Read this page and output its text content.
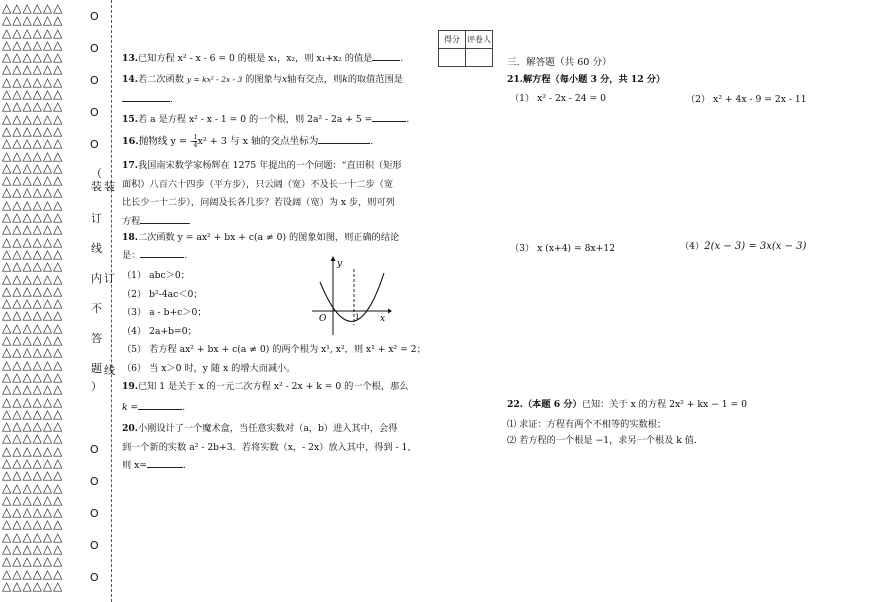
△△△△△△
△△△△△△
△△△△△△
△△△△△△
△△△△△△
△△△△△△
△△△△△△
△△△△△△
△△△△△△
△△△△△△
△△△△△△
△△△△△△
△△△△△△
△△△△△△
△△△△△△
△△△△△△
△△△△△△
△△△△△△
△△△△△△
△△△△△△
△△△△△△
△△△△△△
△△△△△△
△△△△△△
△△△△△△
△△△△△△
△△△△△△
△△△△△△
△△△△△△
△△△△△△
△△△△△△
△△△△△△
△△△△△△
△△△△△△
△△△△△△
△△△△△△
△△△△△△
△△△△△△
△△△△△△
△△△△△△
△△△△△△
△△△△△△
△△△△△△
△△△△△△
△△△△△△
△△△△△△
△△△△△△
△△△△△△
O
O
O
O
O
O
O
O
O
O
（
装
订
线
内
不
答
题
）
装
订
线
得分	评卷人

13.已知方程 x² - x - 6 = 0 的根是 x₁，x₂，则 x₁+x₂ 的值是	.
14.若二次函数 y = kx² - 2x - 3 的图象与x轴有交点，则k的取值范围是
.
15.若 a 是方程 x² - x - 1 = 0 的一个根，则 2a² - 2a + 5 =	.
16.抛物线 y = - $\frac{1}{4} x^2 + 3$ 与 x 轴的交点坐标为	.
17.我国南宋数学家杨辉在 1275 年提出的一个问题：“直田积（矩形
面积）八百六十四步（平方步），只云阔（宽）不及长一十二步（宽
比长少一十二步），问阔及长各几步？若设阔（宽）为 x 步，则可列
方程
18.二次函数 y = ax² + bx + c(a ≠ 0) 的图象如图，则正确的结论
是：	.
（1） abc＞0；
（2） b²-4ac＜0；
（3） a - b+c＞0；
（4） 2a+b=0；
（5） 若方程 ax² + bx + c(a ≠ 0) 的两个根为 x¹, x²，则 x¹ + x² = 2；
（6） 当 x＞0 时，y 随 x 的增大而减小。
y
x
O	1
19.已知 1 是关于 x 的一元二次方程 x² - 2x + k = 0 的一个根，那么
k =	.
20.小刚设计了一个魔术盒，当任意实数对（a，b）进入其中，会得
到一个新的实数 a² - 2b+3．若将实数（x，- 2x）放入其中，得到 - 1，
则 x=	.
三．解答题（共 60 分）
21.解方程（每小题 3 分，共 12 分）
（1） x² - 2x - 24 = 0	（2） x² + 4x - 9 = 2x - 11
（3） x (x+4) = 8x+12	（4）2(x − 3) = 3x(x − 3)
22.（本题 6 分）已知：关于 x 的方程 2x² + kx − 1 = 0
⑴ 求证：方程有两个不相等的实数根；
⑵ 若方程的一个根是 −1，求另一个根及 k 值.
